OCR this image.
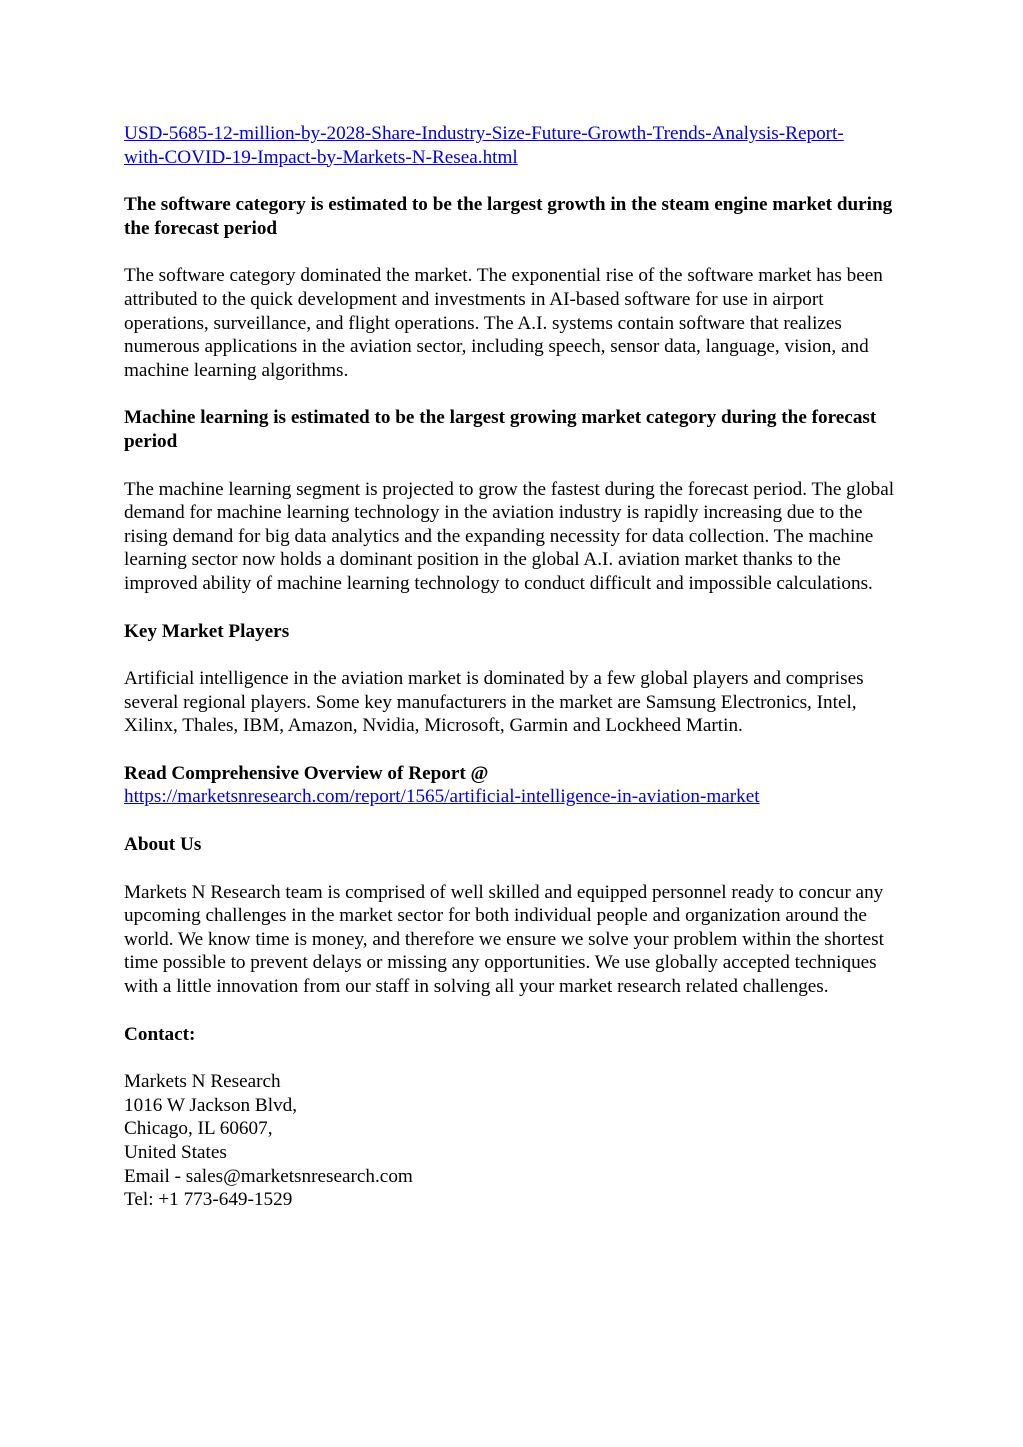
USD-5685-12-million-by-2028-Share-Industry-Size-Future-Growth-Trends-Analysis-Report-
with-COVID-19-Impact-by-Markets-N-Resea.html

The software category is estimated to be the largest growth in the steam engine market during the forecast period

The software category dominated the market. The exponential rise of the software market has been attributed to the quick development and investments in AI-based software for use in airport operations, surveillance, and flight operations. The A.I. systems contain software that realizes numerous applications in the aviation sector, including speech, sensor data, language, vision, and machine learning algorithms.

Machine learning is estimated to be the largest growing market category during the forecast period

The machine learning segment is projected to grow the fastest during the forecast period. The global demand for machine learning technology in the aviation industry is rapidly increasing due to the rising demand for big data analytics and the expanding necessity for data collection. The machine learning sector now holds a dominant position in the global A.I. aviation market thanks to the improved ability of machine learning technology to conduct difficult and impossible calculations.

Key Market Players

Artificial intelligence in the aviation market is dominated by a few global players and comprises several regional players. Some key manufacturers in the market are Samsung Electronics, Intel, Xilinx, Thales, IBM, Amazon, Nvidia, Microsoft, Garmin and Lockheed Martin.

Read Comprehensive Overview of Report @
https://marketsnresearch.com/report/1565/artificial-intelligence-in-aviation-market

About Us

Markets N Research team is comprised of well skilled and equipped personnel ready to concur any upcoming challenges in the market sector for both individual people and organization around the world. We know time is money, and therefore we ensure we solve your problem within the shortest time possible to prevent delays or missing any opportunities. We use globally accepted techniques with a little innovation from our staff in solving all your market research related challenges.

Contact:

Markets N Research
1016 W Jackson Blvd,
Chicago, IL 60607,
United States
Email - sales@marketsnresearch.com
Tel: +1 773-649-1529
